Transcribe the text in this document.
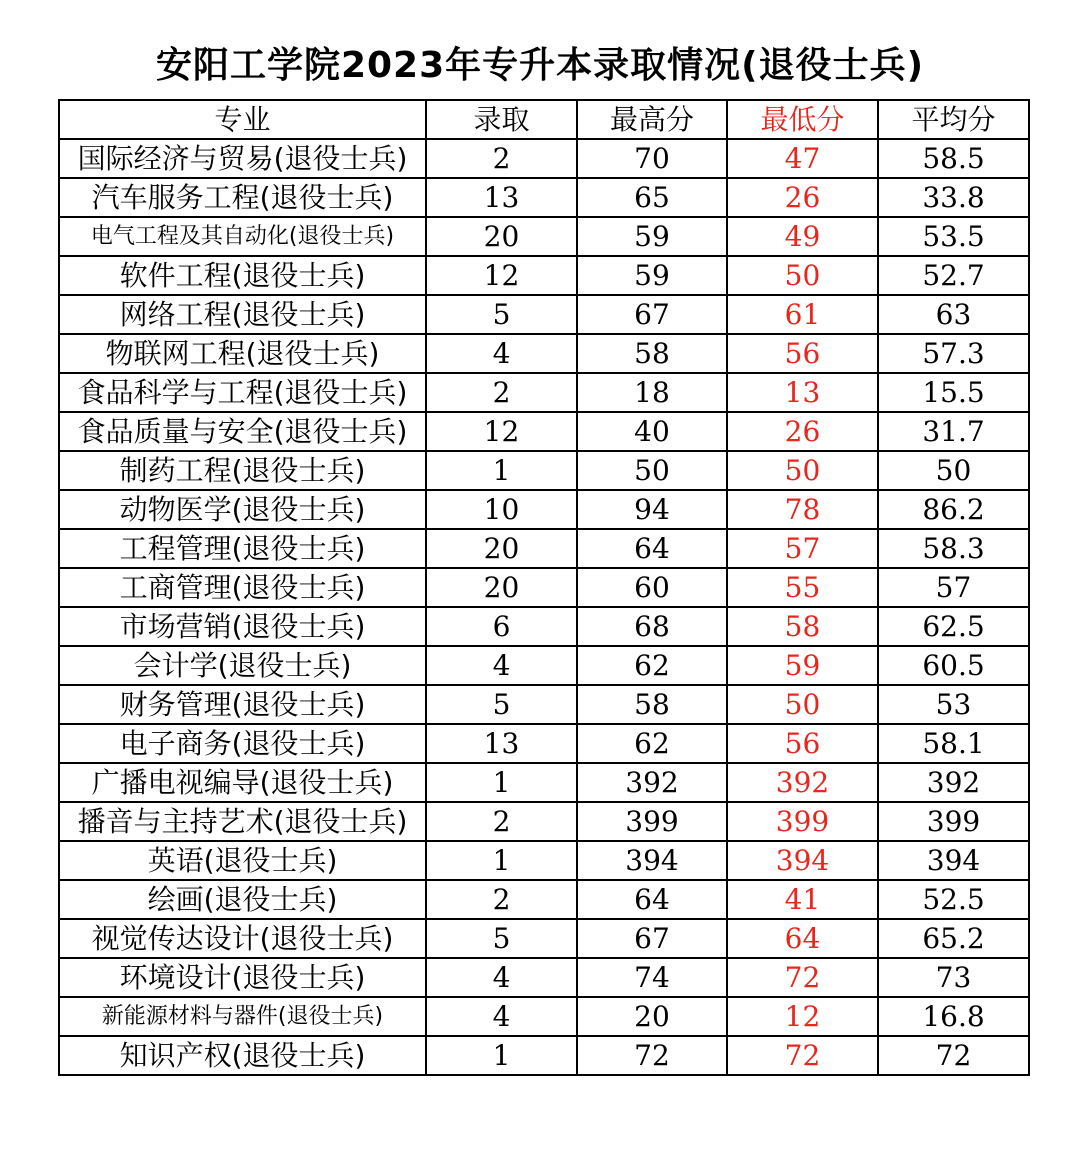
安阳工学院2023年专升本录取情况(退役士兵)
专业	录取	最高分	最低分	平均分
国际经济与贸易(退役士兵)	2	70	47	58.5
汽车服务工程(退役士兵)	13	65	26	33.8
电气工程及其自动化(退役士兵)	20	59	49	53.5
软件工程(退役士兵)	12	59	50	52.7
网络工程(退役士兵)	5	67	61	63
物联网工程(退役士兵)	4	58	56	57.3
食品科学与工程(退役士兵)	2	18	13	15.5
食品质量与安全(退役士兵)	12	40	26	31.7
制药工程(退役士兵)	1	50	50	50
动物医学(退役士兵)	10	94	78	86.2
工程管理(退役士兵)	20	64	57	58.3
工商管理(退役士兵)	20	60	55	57
市场营销(退役士兵)	6	68	58	62.5
会计学(退役士兵)	4	62	59	60.5
财务管理(退役士兵)	5	58	50	53
电子商务(退役士兵)	13	62	56	58.1
广播电视编导(退役士兵)	1	392	392	392
播音与主持艺术(退役士兵)	2	399	399	399
英语(退役士兵)	1	394	394	394
绘画(退役士兵)	2	64	41	52.5
视觉传达设计(退役士兵)	5	67	64	65.2
环境设计(退役士兵)	4	74	72	73
新能源材料与器件(退役士兵)	4	20	12	16.8
知识产权(退役士兵)	1	72	72	72
